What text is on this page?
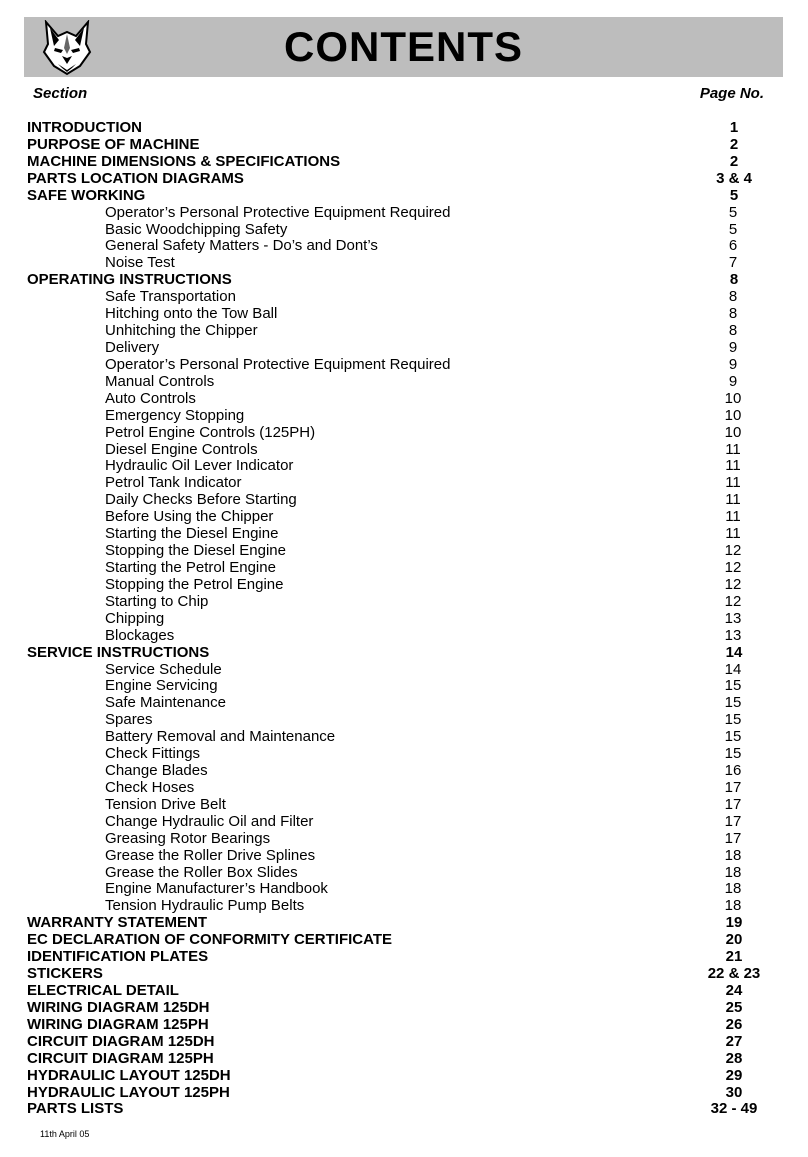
CONTENTS
Section	Page No.
INTRODUCTION	1
PURPOSE OF MACHINE	2
MACHINE DIMENSIONS & SPECIFICATIONS	2
PARTS LOCATION DIAGRAMS	3 & 4
SAFE WORKING	5
Operator’s Personal Protective Equipment Required	5
Basic Woodchipping Safety	5
General Safety Matters - Do’s and Dont’s	6
Noise Test	7
OPERATING INSTRUCTIONS	8
Safe Transportation	8
Hitching onto the Tow Ball	8
Unhitching the Chipper	8
Delivery	9
Operator’s Personal Protective Equipment Required	9
Manual Controls	9
Auto Controls	10
Emergency Stopping	10
Petrol Engine Controls (125PH)	10
Diesel Engine Controls	11
Hydraulic Oil Lever Indicator	11
Petrol Tank Indicator	11
Daily Checks Before Starting	11
Before Using the Chipper	11
Starting the Diesel Engine	11
Stopping the Diesel Engine	12
Starting the Petrol Engine	12
Stopping the Petrol Engine	12
Starting to Chip	12
Chipping	13
Blockages	13
SERVICE INSTRUCTIONS	14
Service Schedule	14
Engine Servicing	15
Safe Maintenance	15
Spares	15
Battery Removal and Maintenance	15
Check Fittings	15
Change Blades	16
Check Hoses	17
Tension Drive Belt	17
Change Hydraulic Oil and Filter	17
Greasing Rotor Bearings	17
Grease the Roller Drive Splines	18
Grease the Roller Box Slides	18
Engine Manufacturer’s Handbook	18
Tension Hydraulic Pump Belts	18
WARRANTY STATEMENT	19
EC DECLARATION OF CONFORMITY CERTIFICATE	20
IDENTIFICATION PLATES	21
STICKERS	22 & 23
ELECTRICAL DETAIL	24
WIRING DIAGRAM 125DH	25
WIRING DIAGRAM 125PH	26
CIRCUIT DIAGRAM 125DH	27
CIRCUIT DIAGRAM 125PH	28
HYDRAULIC LAYOUT 125DH	29
HYDRAULIC LAYOUT 125PH	30
PARTS LISTS	32 - 49
11th April 05
